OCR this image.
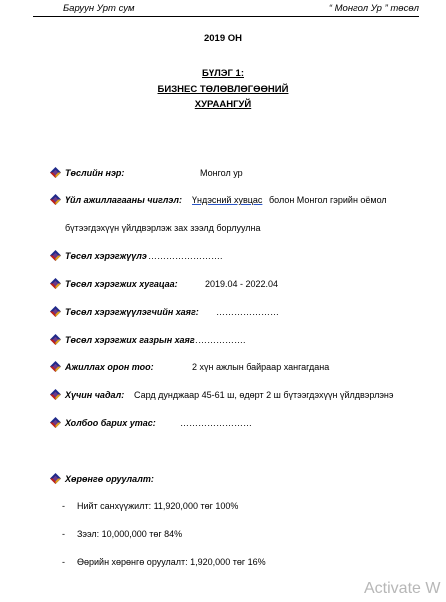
Баруун Урт сум	“ Монгол Ур ” төсөл
2019 ОН
БҮЛЭГ 1:
БИЗНЕС ТӨЛӨВЛӨГӨӨНИЙ
ХУРААНГУЙ
Төслийн нэр:	Монгол ур
Үйл ажиллагааны чиглэл: Үндэсний хувцас болон Монгол гэрийн оёмол
бүтээгдэхүүн үйлдвэрлэж зах зээлд борлуулна
Төсөл хэрэгжүүлэ …………………….
Төсөл хэрэгжих хугацаа:	2019.04 - 2022.04
Төсөл хэрэгжүүлэгчийн хаяг: …………………
Төсөл хэрэгжих газрын хаяг
……………….
Ажиллах орон тоо:	2 хүн ажлын байраар хангагдана
Хүчин чадал: Сард дунджаар 45-61 ш, өдөрт 2 ш бүтээгдэхүүн үйлдвэрлэнэ
Холбоо барих утас:	……………………
Хөрөнгө оруулалт:
- Нийт санхүүжилт: 11,920,000 төг 100%
- Зээл: 10,000,000 төг 84%
- Өөрийн хөрөнгө оруулалт: 1,920,000 төг 16%
Activate W
